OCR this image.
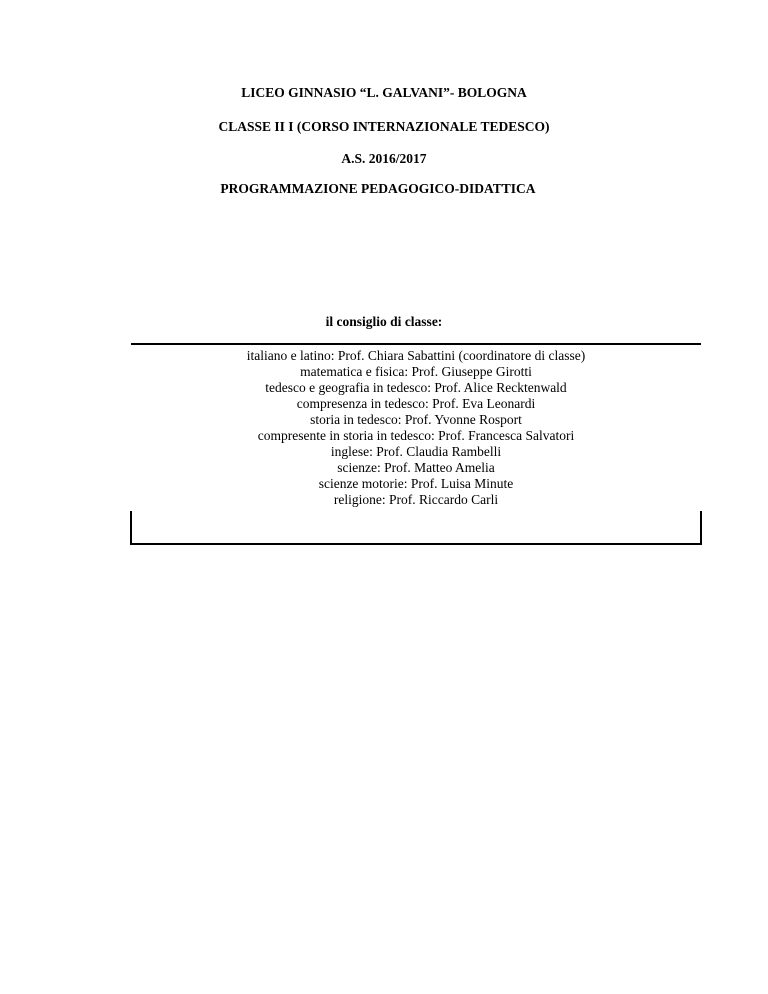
LICEO GINNASIO “L. GALVANI”- BOLOGNA
CLASSE II I (CORSO INTERNAZIONALE TEDESCO)
A.S. 2016/2017
PROGRAMMAZIONE PEDAGOGICO-DIDATTICA
il consiglio di classe:
italiano e latino: Prof. Chiara Sabattini (coordinatore di classe)
matematica e fisica: Prof. Giuseppe Girotti
tedesco e geografia in tedesco: Prof. Alice Recktenwald
compresenza in tedesco: Prof. Eva Leonardi
storia in tedesco: Prof. Yvonne Rosport
compresente in storia in tedesco: Prof. Francesca Salvatori
inglese: Prof. Claudia Rambelli
scienze: Prof. Matteo Amelia
scienze motorie: Prof. Luisa Minute
religione: Prof. Riccardo Carli
